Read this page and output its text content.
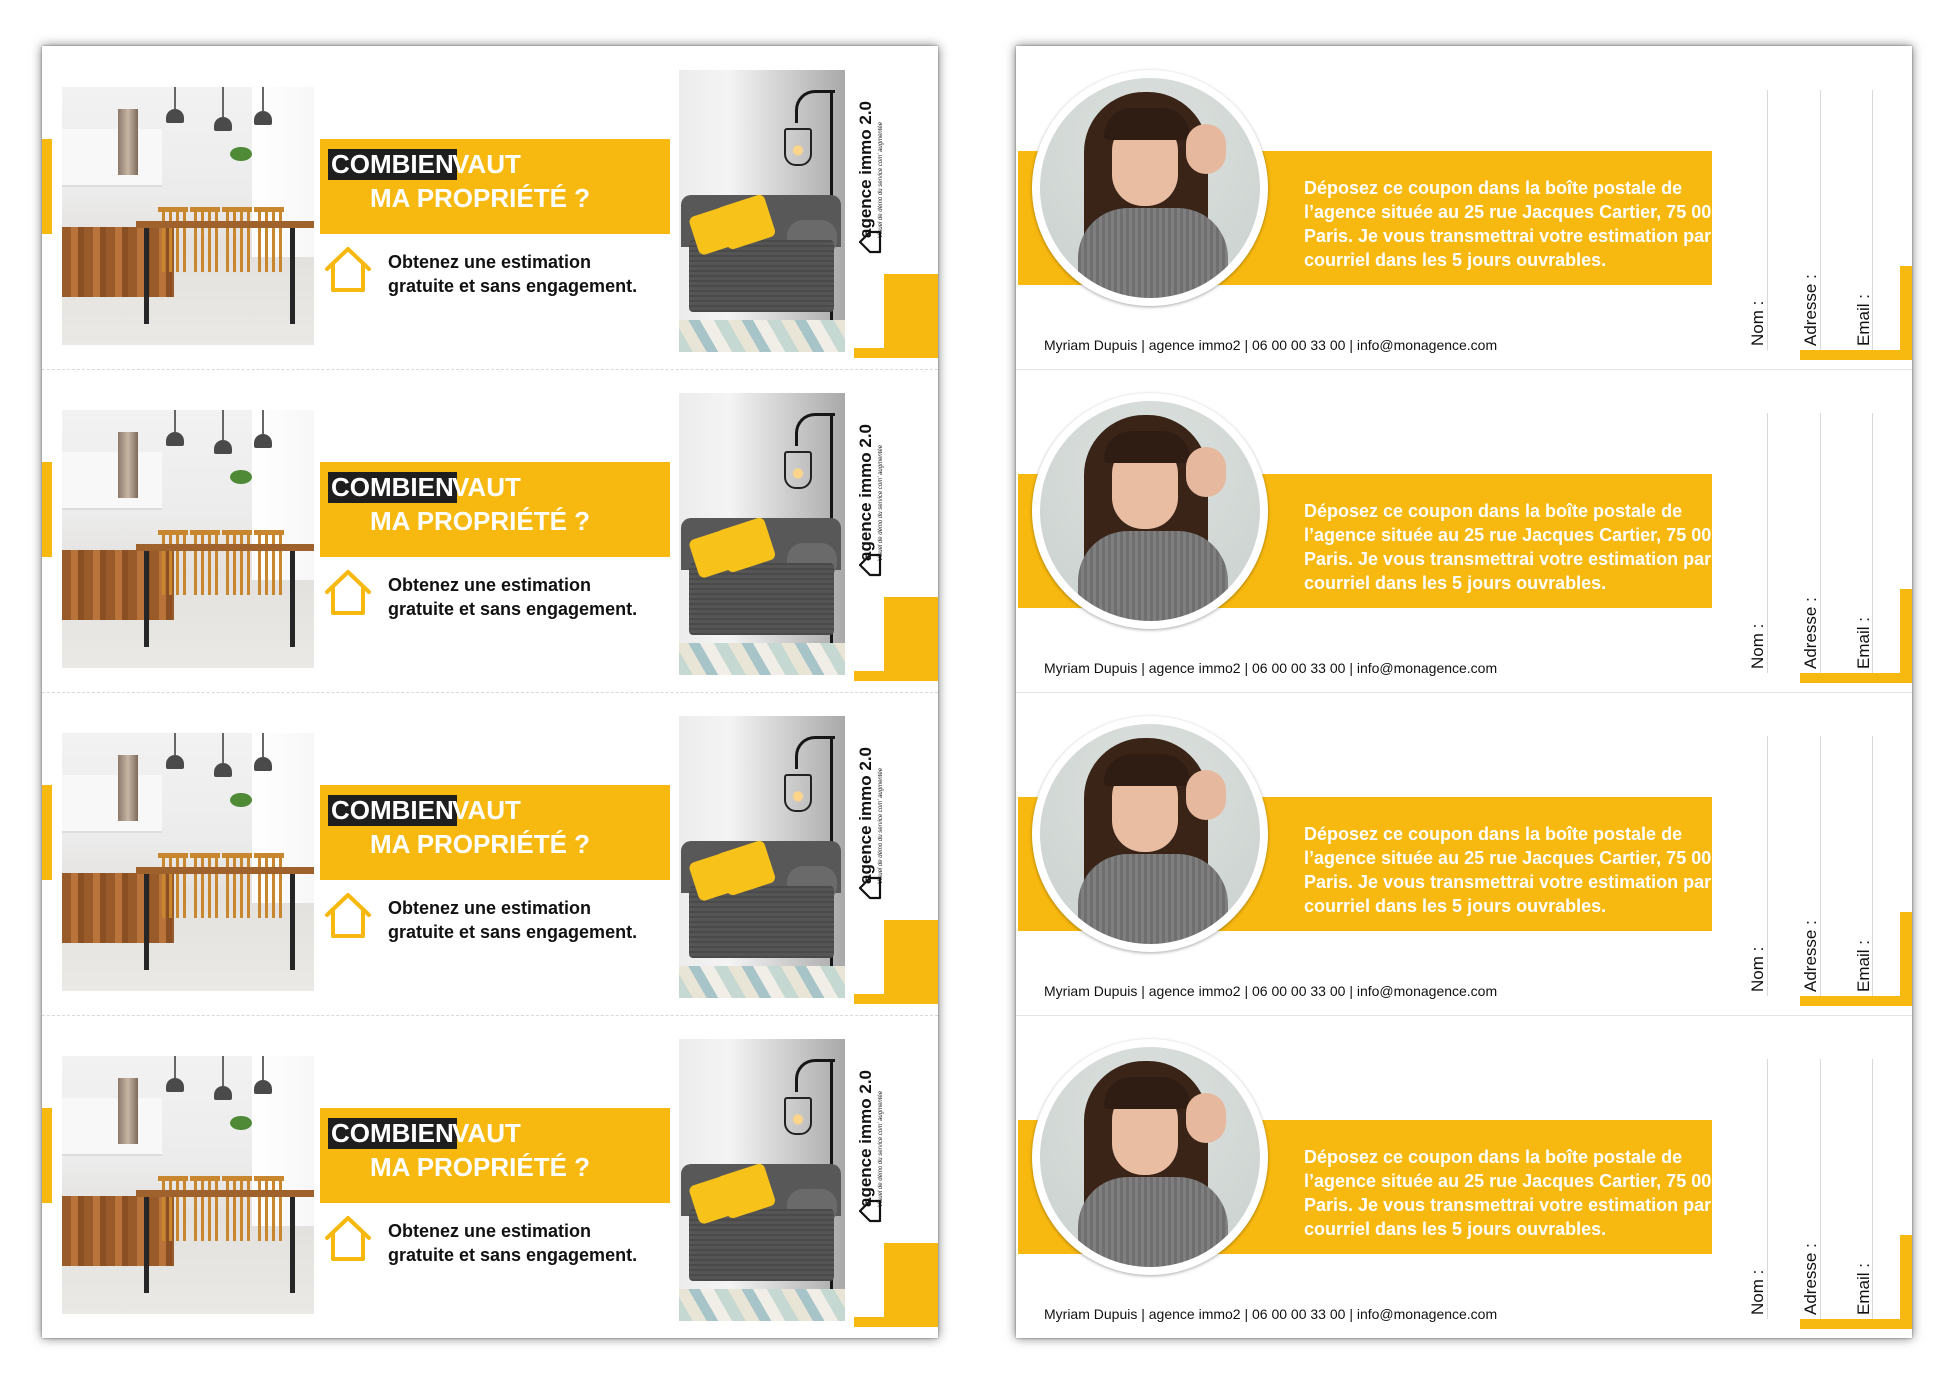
COMBIEN
VAUT
MA PROPRIÉTÉ ?
Obtenez une estimation gratuite et sans engagement.
agence immo 2.0 Visuel de démo du service com' augmentée
COMBIEN
VAUT
MA PROPRIÉTÉ ?
Obtenez une estimation gratuite et sans engagement.
agence immo 2.0 Visuel de démo du service com' augmentée
COMBIEN
VAUT
MA PROPRIÉTÉ ?
Obtenez une estimation gratuite et sans engagement.
agence immo 2.0 Visuel de démo du service com' augmentée
COMBIEN
VAUT
MA PROPRIÉTÉ ?
Obtenez une estimation gratuite et sans engagement.
agence immo 2.0 Visuel de démo du service com' augmentée
Déposez ce coupon dans la boîte postale de l’agence située au 25 rue Jacques Cartier, 75 005 Paris. Je vous transmettrai votre estimation par courriel dans les 5 jours ouvrables.
Myriam Dupuis | agence immo2 | 06 00 00 33 00 | info@monagence.com	Nom : Adresse : Email :
Déposez ce coupon dans la boîte postale de l’agence située au 25 rue Jacques Cartier, 75 005 Paris. Je vous transmettrai votre estimation par courriel dans les 5 jours ouvrables.
Myriam Dupuis | agence immo2 | 06 00 00 33 00 | info@monagence.com	Nom : Adresse : Email :
Déposez ce coupon dans la boîte postale de l’agence située au 25 rue Jacques Cartier, 75 005 Paris. Je vous transmettrai votre estimation par courriel dans les 5 jours ouvrables.
Myriam Dupuis | agence immo2 | 06 00 00 33 00 | info@monagence.com	Nom : Adresse : Email :
Déposez ce coupon dans la boîte postale de l’agence située au 25 rue Jacques Cartier, 75 005 Paris. Je vous transmettrai votre estimation par courriel dans les 5 jours ouvrables.
Myriam Dupuis | agence immo2 | 06 00 00 33 00 | info@monagence.com	Nom : Adresse : Email :
